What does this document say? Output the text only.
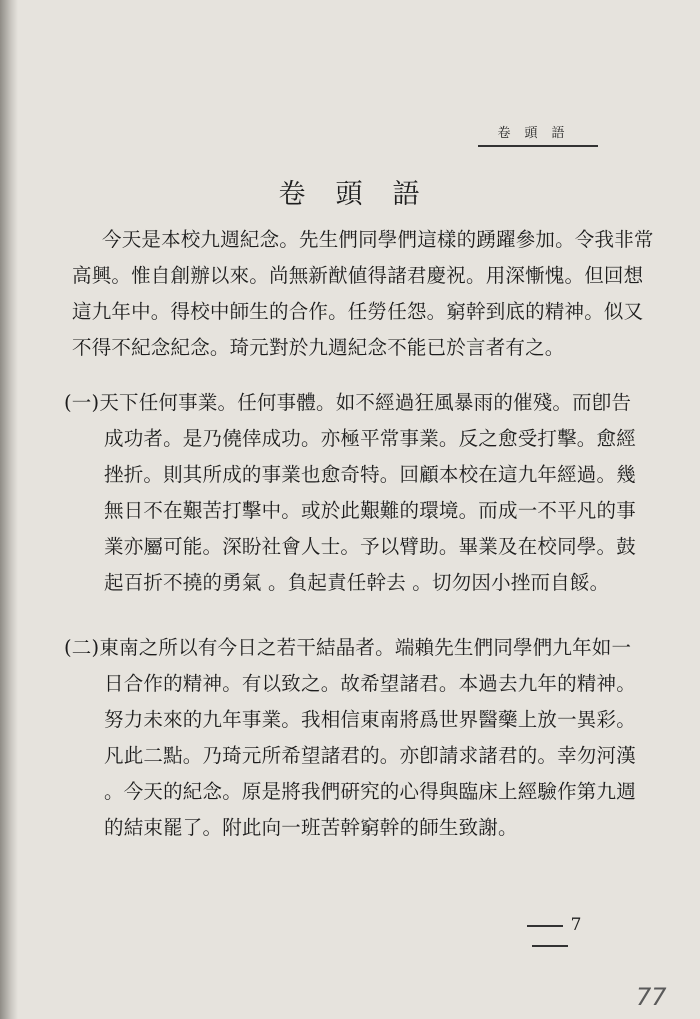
卷頭語
卷頭語
今天是本校九週紀念。先生們同學們這樣的踴躍參加。令我非常
高興。惟自創辦以來。尚無新猷値得諸君慶祝。用深慚愧。但回想
這九年中。得校中師生的合作。任勞任怨。窮幹到底的精神。似又
不得不紀念紀念。琦元對於九週紀念不能已於言者有之。
(一)天下任何事業。任何事體。如不經過狂風暴雨的催殘。而卽告
成功者。是乃僥倖成功。亦極平常事業。反之愈受打擊。愈經
挫折。則其所成的事業也愈奇特。回顧本校在這九年經過。幾
無日不在艱苦打擊中。或於此艱難的環境。而成一不平凡的事
業亦屬可能。深盼社會人士。予以臂助。畢業及在校同學。鼓
起百折不撓的勇氣 。負起責任幹去 。切勿因小挫而自餒。
(二)東南之所以有今日之若干結晶者。端賴先生們同學們九年如一
日合作的精神。有以致之。故希望諸君。本過去九年的精神。
努力未來的九年事業。我相信東南將爲世界醫藥上放一異彩。
凡此二點。乃琦元所希望諸君的。亦卽請求諸君的。幸勿河漢
。今天的紀念。原是將我們硏究的心得與臨床上經驗作第九週
的結束罷了。附此向一班苦幹窮幹的師生致謝。
7
77
